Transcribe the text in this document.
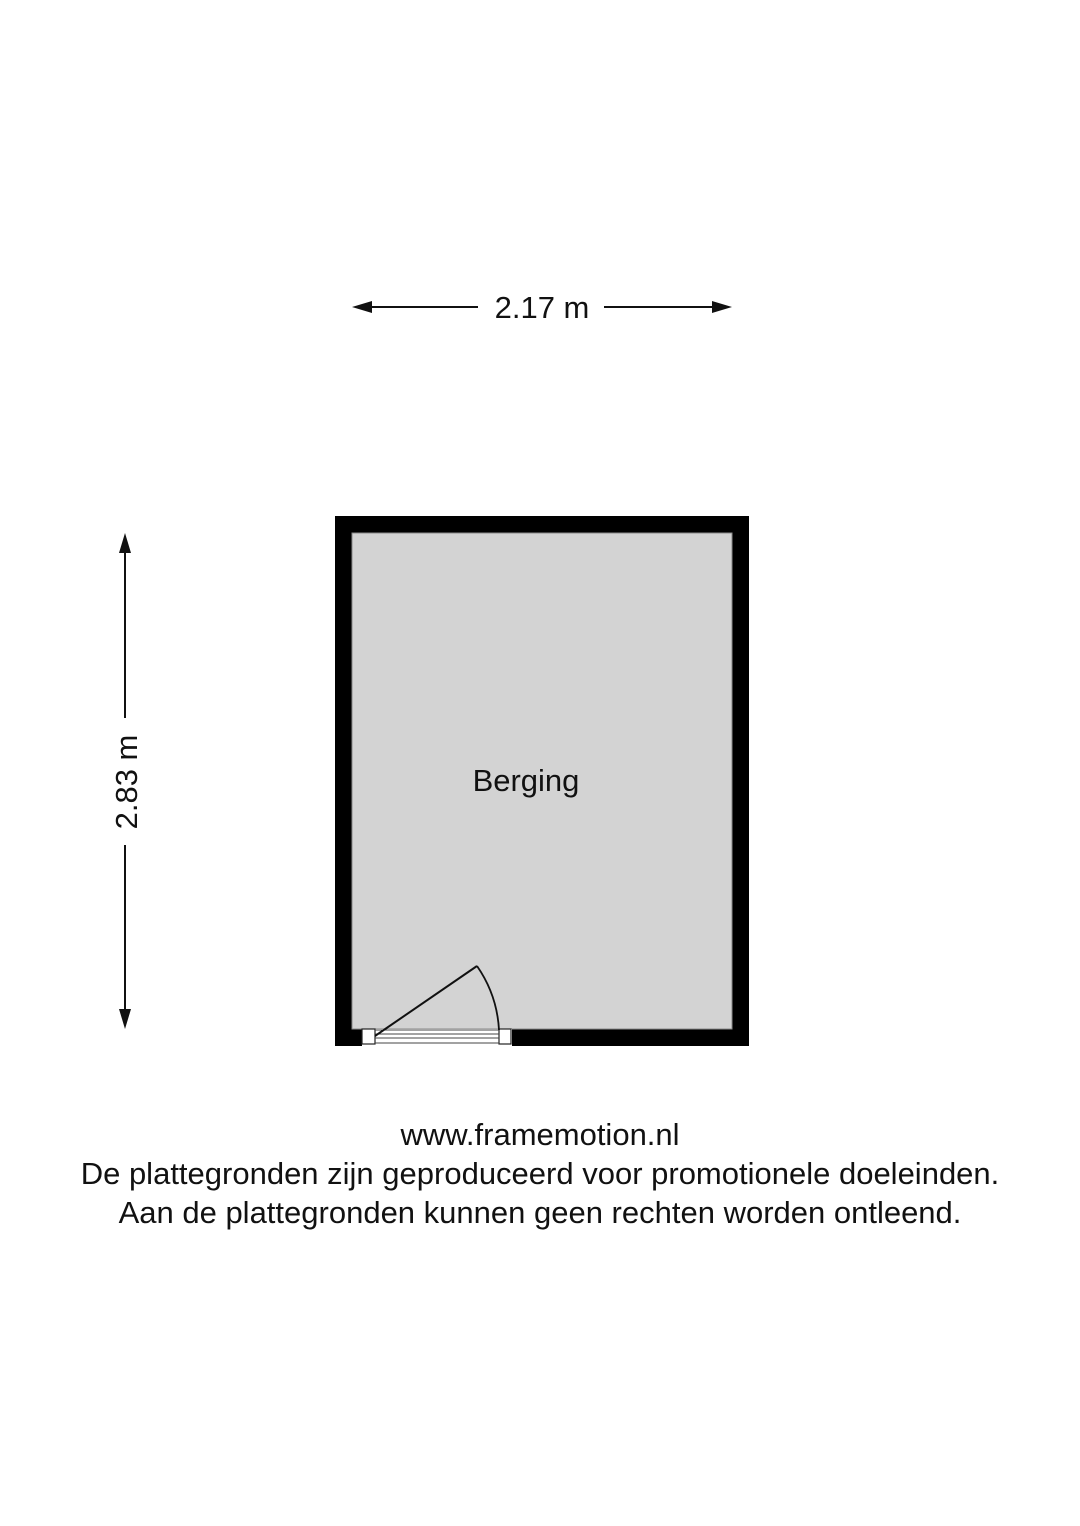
2.17 m
2.83 m	Berging
www.framemotion.nl
De plattegronden zijn geproduceerd voor promotionele doeleinden.
Aan de plattegronden kunnen geen rechten worden ontleend.
